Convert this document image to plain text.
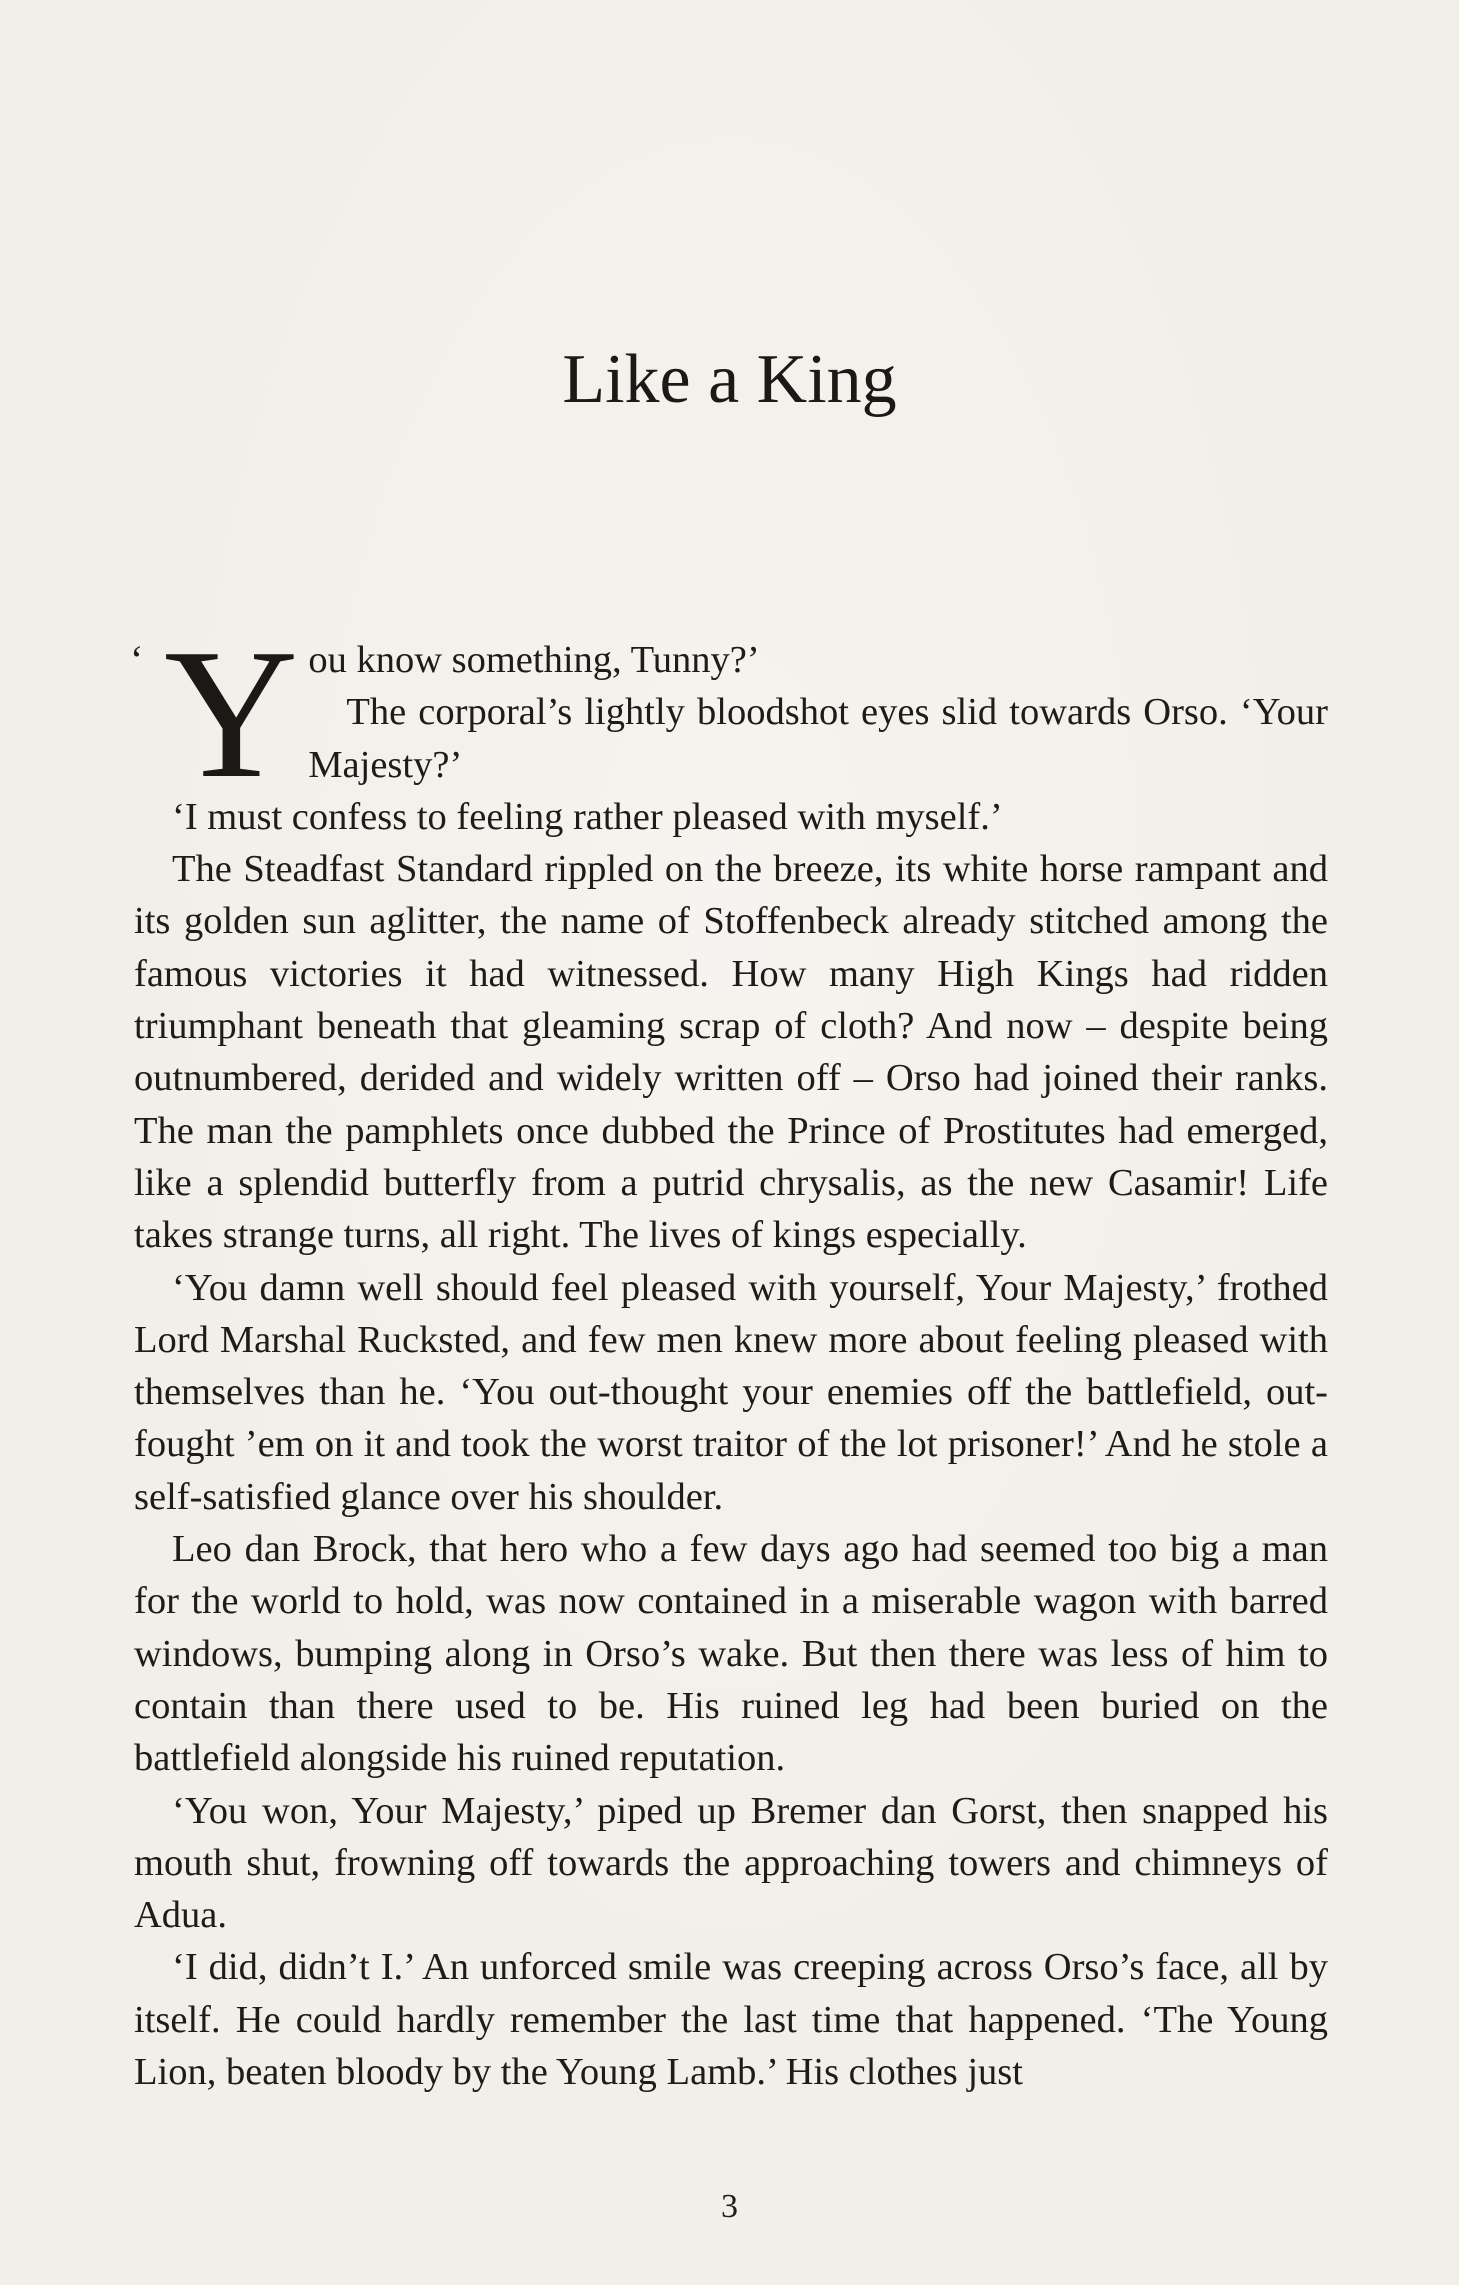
Like a King
‘ Y ou know something, Tunny?’

The corporal’s lightly bloodshot eyes slid towards Orso. ‘Your Majesty?’

‘I must confess to feeling rather pleased with myself.’

The Steadfast Standard rippled on the breeze, its white horse rampant and its golden sun aglitter, the name of Stoffenbeck already stitched among the famous victories it had witnessed. How many High Kings had ridden triumphant beneath that gleaming scrap of cloth? And now – despite being outnumbered, derided and widely written off – Orso had joined their ranks. The man the pamphlets once dubbed the Prince of Prostitutes had emerged, like a splendid butterfly from a putrid chrysalis, as the new Casamir! Life takes strange turns, all right. The lives of kings especially.

‘You damn well should feel pleased with yourself, Your Majesty,’ frothed Lord Marshal Rucksted, and few men knew more about feeling pleased with themselves than he. ‘You out-thought your enemies off the battlefield, out-fought ’em on it and took the worst traitor of the lot prisoner!’ And he stole a self-satisfied glance over his shoulder.

Leo dan Brock, that hero who a few days ago had seemed too big a man for the world to hold, was now contained in a miserable wagon with barred windows, bumping along in Orso’s wake. But then there was less of him to contain than there used to be. His ruined leg had been buried on the battlefield alongside his ruined reputation.

‘You won, Your Majesty,’ piped up Bremer dan Gorst, then snapped his mouth shut, frowning off towards the approaching towers and chimneys of Adua.

‘I did, didn’t I.’ An unforced smile was creeping across Orso’s face, all by itself. He could hardly remember the last time that happened. ‘The Young Lion, beaten bloody by the Young Lamb.’ His clothes just

3
